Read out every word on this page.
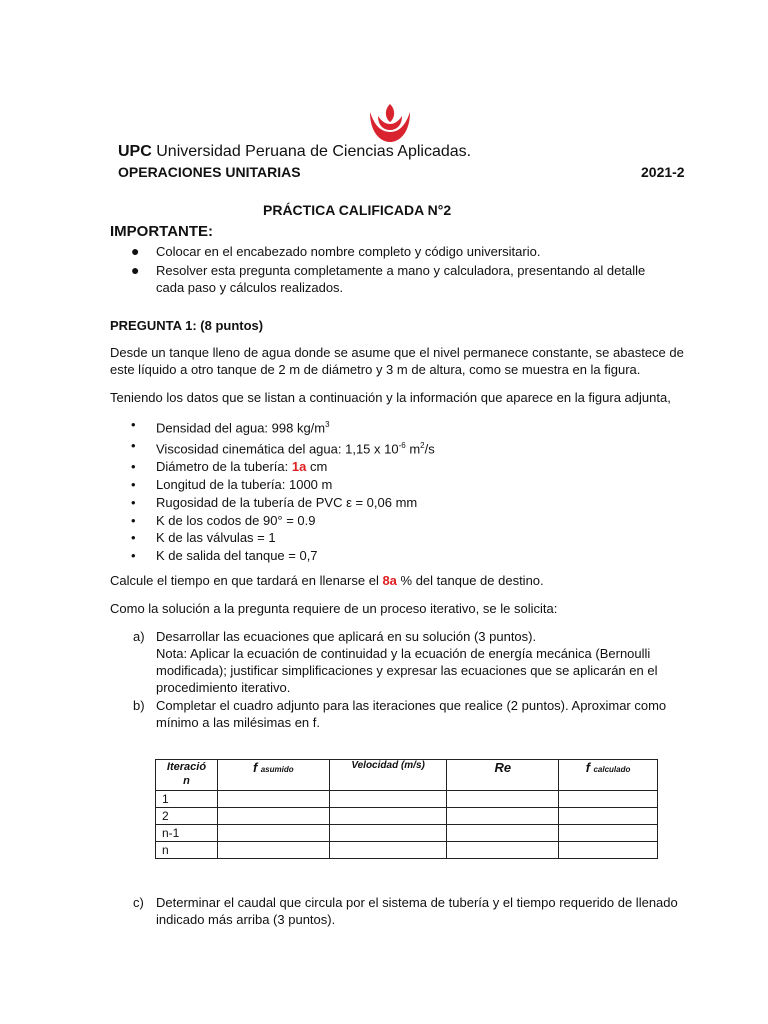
UPC Universidad Peruana de Ciencias Aplicadas.
OPERACIONES UNITARIAS	2021-2
PRÁCTICA CALIFICADA N°2
IMPORTANTE:
● Colocar en el encabezado nombre completo y código universitario.
● Resolver esta pregunta completamente a mano y calculadora, presentando al detalle
cada paso y cálculos realizados.
PREGUNTA 1: (8 puntos)
Desde un tanque lleno de agua donde se asume que el nivel permanece constante, se abastece de
este líquido a otro tanque de 2 m de diámetro y 3 m de altura, como se muestra en la figura.
Teniendo los datos que se listan a continuación y la información que aparece en la figura adjunta,
• Densidad del agua: 998 $kg/m^3$
• Viscosidad cinemática del agua: 1,15 x $10^{-6}$ $m^2/s$
• Diámetro de la tubería: 1a cm
• Longitud de la tubería: 1000 m
• Rugosidad de la tubería de PVC ε = 0,06 mm
• K de los codos de 90° = 0.9
• K de las válvulas = 1
• K de salida del tanque = 0,7
Calcule el tiempo en que tardará en llenarse el 8a % del tanque de destino.
Como la solución a la pregunta requiere de un proceso iterativo, se le solicita:
a) Desarrollar las ecuaciones que aplicará en su solución (3 puntos).
Nota: Aplicar la ecuación de continuidad y la ecuación de energía mecánica (Bernoulli
modificada); justificar simplificaciones y expresar las ecuaciones que se aplicarán en el
procedimiento iterativo.
b) Completar el cuadro adjunto para las iteraciones que realice (2 puntos). Aproximar como
mínimo a las milésimas en f.
Iteració
n	f asumido	Velocidad (m/s)	Re	f calculado
1				
2				
n-1				
n				
c) Determinar el caudal que circula por el sistema de tubería y el tiempo requerido de llenado
indicado más arriba (3 puntos).
